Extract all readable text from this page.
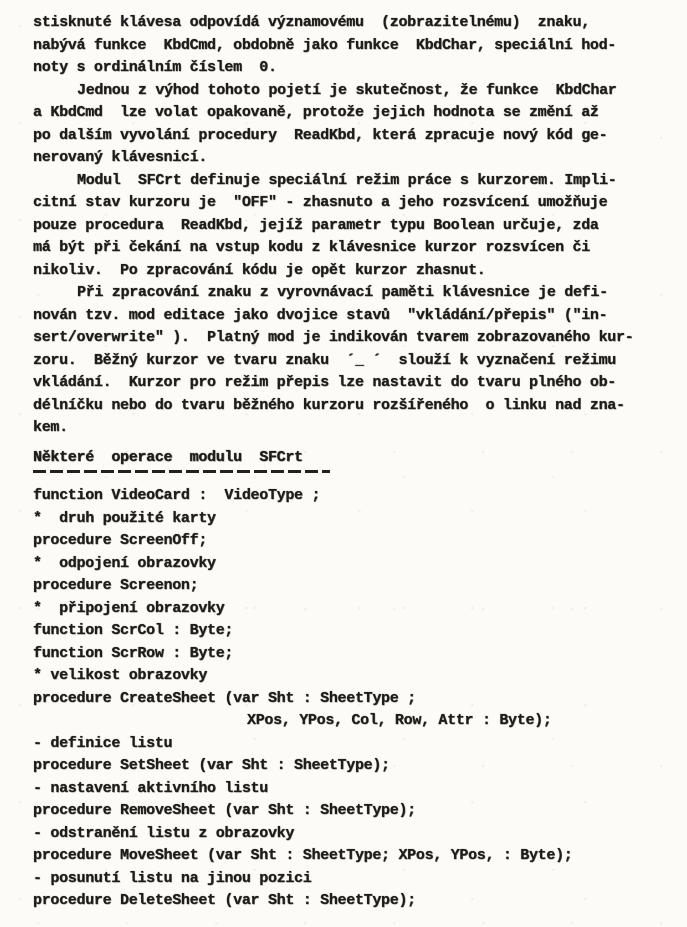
stisknuté klávesa odpovídá významovému  (zobrazitelnému)  znaku,
nabývá funkce  KbdCmd, obdobně jako funkce  KbdChar, speciální hod-
noty s ordinálním číslem  0.
Jednou z výhod tohoto pojetí je skutečnost, že funkce  KbdChar
a KbdCmd  lze volat opakovaně, protože jejich hodnota se změní až
po dalším vyvolání procedury  ReadKbd, která zpracuje nový kód ge-
nerovaný klávesnicí.
Modul  SFCrt definuje speciální režim práce s kurzorem. Impli-
citní stav kurzoru je  "OFF" - zhasnuto a jeho rozsvícení umožňuje
pouze procedura  ReadKbd, jejíž parametr typu Boolean určuje, zda
má být při čekání na vstup kodu z klávesnice kurzor rozsvícen či
nikoliv.  Po zpracování kódu je opět kurzor zhasnut.
Při zpracování znaku z vyrovnávací paměti klávesnice je defi-
nován tzv. mod editace jako dvojice stavů  "vkládání/přepis" ("in-
sert/overwrite" ).  Platný mod je indikován tvarem zobrazovaného kur-
zoru.  Běžný kurzor ve tvaru znaku  ´_ ´  slouží k vyznačení režimu
vkládání.  Kurzor pro režim přepis lze nastavit do tvaru plného ob-
délníčku nebo do tvaru běžného kurzoru rozšířeného  o linku nad zna-
kem.
Některé  operace  modulu  SFCrt
function VideoCard :  VideoType ;
*  druh použité karty
procedure ScreenOff;
*  odpojení obrazovky
procedure Screenon;
*  připojení obrazovky
function ScrCol : Byte;
function ScrRow : Byte;
* velikost obrazovky
procedure CreateSheet (var Sht : SheetType ;
XPos, YPos, Col, Row, Attr : Byte);
- definice listu
procedure SetSheet (var Sht : SheetType);
- nastavení aktivního listu
procedure RemoveSheet (var Sht : SheetType);
- odstranění listu z obrazovky
procedure MoveSheet (var Sht : SheetType; XPos, YPos, : Byte);
- posunutí listu na jinou pozici
procedure DeleteSheet (var Sht : SheetType);
